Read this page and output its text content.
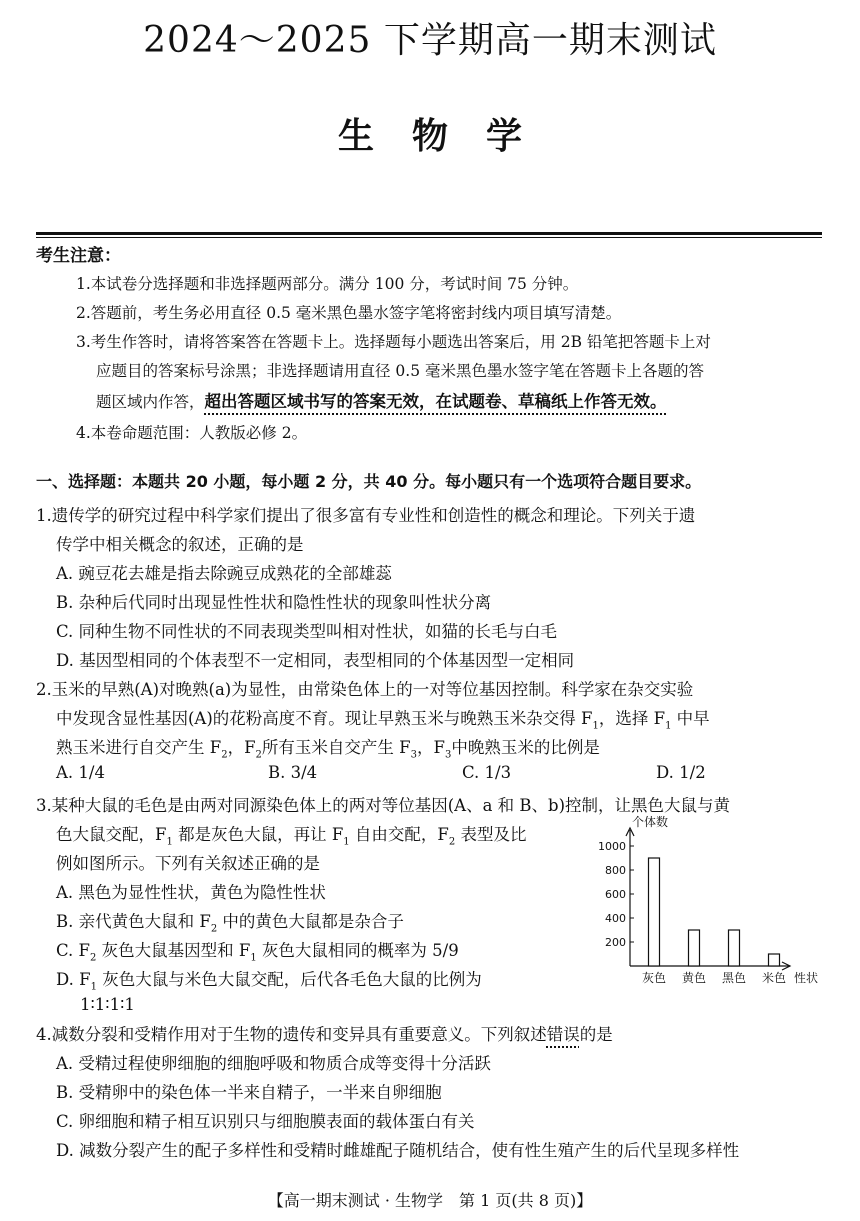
2024～2025 下学期高一期末测试
生物学
考生注意：
1.本试卷分选择题和非选择题两部分。满分 100 分，考试时间 75 分钟。
2.答题前，考生务必用直径 0.5 毫米黑色墨水签字笔将密封线内项目填写清楚。
3.考生作答时，请将答案答在答题卡上。选择题每小题选出答案后，用 2B 铅笔把答题卡上对
应题目的答案标号涂黑；非选择题请用直径 0.5 毫米黑色墨水签字笔在答题卡上各题的答
题区域内作答，超出答题区域书写的答案无效，在试题卷、草稿纸上作答无效。
4.本卷命题范围：人教版必修 2。
一、选择题：本题共 20 小题，每小题 2 分，共 40 分。每小题只有一个选项符合题目要求。
1.遗传学的研究过程中科学家们提出了很多富有专业性和创造性的概念和理论。下列关于遗
传学中相关概念的叙述，正确的是
A. 豌豆花去雄是指去除豌豆成熟花的全部雄蕊
B. 杂种后代同时出现显性性状和隐性性状的现象叫性状分离
C. 同种生物不同性状的不同表现类型叫相对性状，如猫的长毛与白毛
D. 基因型相同的个体表型不一定相同，表型相同的个体基因型一定相同
2.玉米的早熟(A)对晚熟(a)为显性，由常染色体上的一对等位基因控制。科学家在杂交实验
中发现含显性基因(A)的花粉高度不育。现让早熟玉米与晚熟玉米杂交得 $F_1$，选择 $F_1$ 中早
熟玉米进行自交产生 $F_2$，$F_2$所有玉米自交产生 $F_3$，$F_3$中晚熟玉米的比例是
A. 1/4	B. 3/4	C. 1/3	D. 1/2
3.某种大鼠的毛色是由两对同源染色体上的两对等位基因(A、a 和 B、b)控制，让黑色大鼠与黄
色大鼠交配，$F_1$ 都是灰色大鼠，再让 $F_1$ 自由交配，$F_2$ 表型及比
例如图所示。下列有关叙述正确的是
A. 黑色为显性性状，黄色为隐性性状
B. 亲代黄色大鼠和 $F_2$ 中的黄色大鼠都是杂合子
C. $F_2$ 灰色大鼠基因型和 $F_1$ 灰色大鼠相同的概率为 5/9
D. $F_1$ 灰色大鼠与米色大鼠交配，后代各毛色大鼠的比例为
1∶1∶1∶1
个体数
性状
1000
800
600
400
200
灰色 黄色 黑色 米色
4.减数分裂和受精作用对于生物的遗传和变异具有重要意义。下列叙述错误的是
A. 受精过程使卵细胞的细胞呼吸和物质合成等变得十分活跃
B. 受精卵中的染色体一半来自精子，一半来自卵细胞
C. 卵细胞和精子相互识别只与细胞膜表面的载体蛋白有关
D. 减数分裂产生的配子多样性和受精时雌雄配子随机结合，使有性生殖产生的后代呈现多样性
【高一期末测试 · 生物学　第 1 页(共 8 页)】
